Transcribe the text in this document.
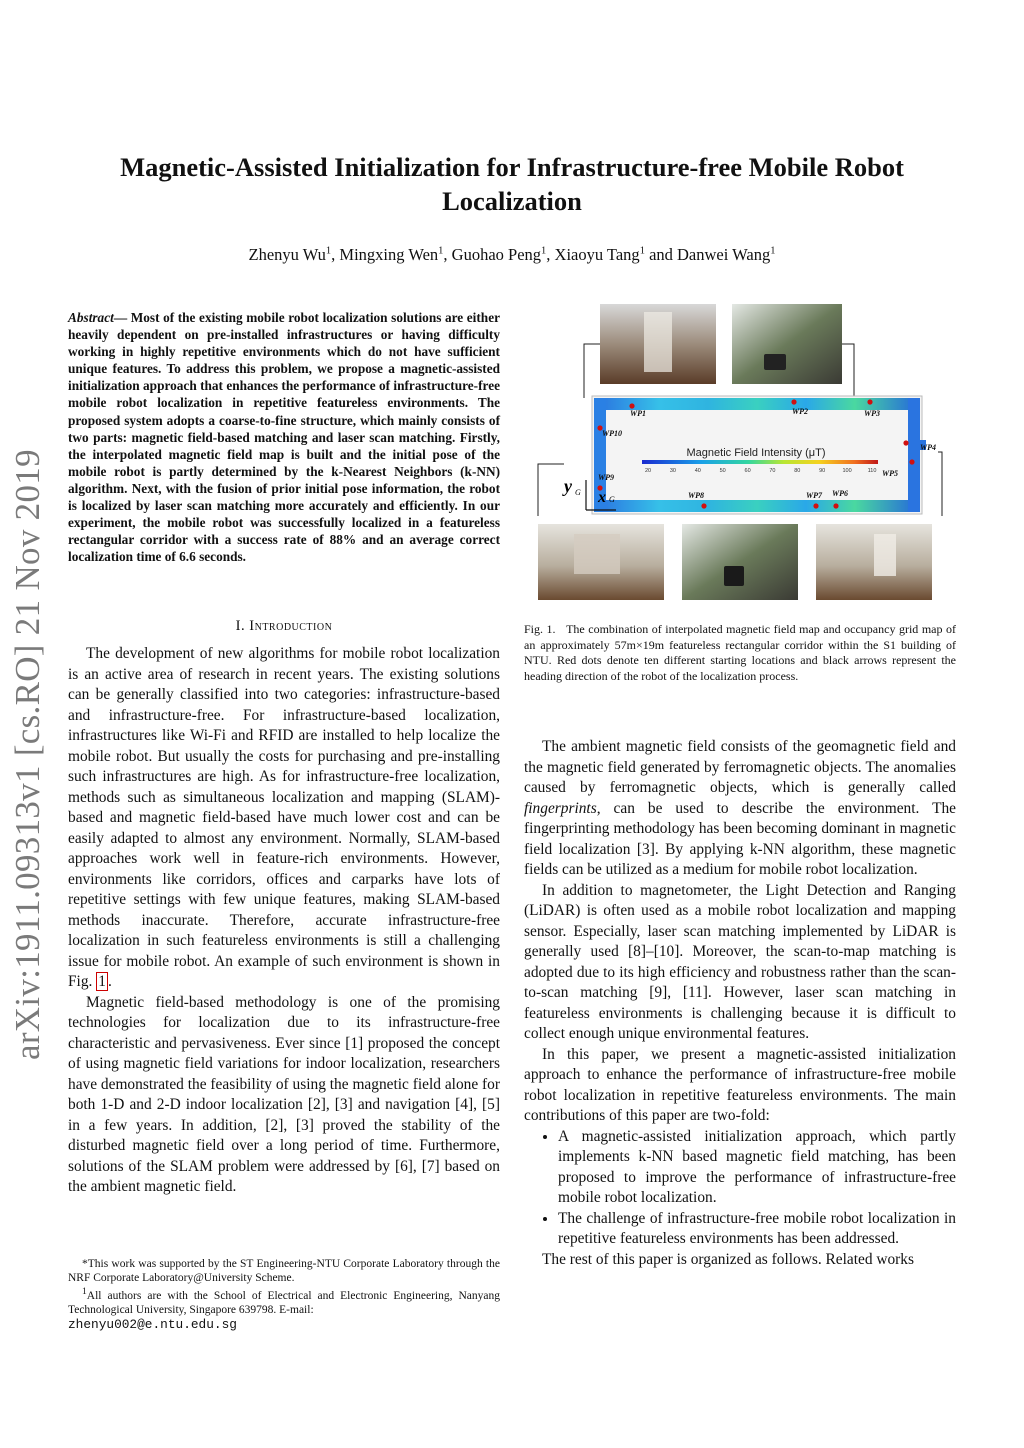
arXiv:1911.09313v1 [cs.RO] 21 Nov 2019
Magnetic-Assisted Initialization for Infrastructure-free Mobile Robot
Localization
Zhenyu Wu$^1$, Mingxing Wen$^1$, Guohao Peng$^1$, Xiaoyu Tang$^1$ and Danwei Wang$^1$
Abstract— Most of the existing mobile robot localization solutions are either heavily dependent on pre-installed infrastructures or having difficulty working in highly repetitive environments which do not have sufficient unique features. To address this problem, we propose a magnetic-assisted initialization approach that enhances the performance of infrastructure-free mobile robot localization in repetitive featureless environments. The proposed system adopts a coarse-to-fine structure, which mainly consists of two parts: magnetic field-based matching and laser scan matching. Firstly, the interpolated magnetic field map is built and the initial pose of the mobile robot is partly determined by the k-Nearest Neighbors (k-NN) algorithm. Next, with the fusion of prior initial pose information, the robot is localized by laser scan matching more accurately and efficiently. In our experiment, the mobile robot was successfully localized in a featureless rectangular corridor with a success rate of 88% and an average correct localization time of 6.6 seconds.
I. Introduction

The development of new algorithms for mobile robot localization is an active area of research in recent years. The existing solutions can be generally classified into two categories: infrastructure-based and infrastructure-free. For infrastructure-based localization, infrastructures like Wi-Fi and RFID are installed to help localize the mobile robot. But usually the costs for purchasing and pre-installing such infrastructures are high. As for infrastructure-free localization, methods such as simultaneous localization and mapping (SLAM)-based and magnetic field-based have much lower cost and can be easily adapted to almost any environment. Normally, SLAM-based approaches work well in feature-rich environments. However, environments like corridors, offices and carparks have lots of repetitive settings with few unique features, making SLAM-based methods inaccurate. Therefore, accurate infrastructure-free localization in such featureless environments is still a challenging issue for mobile robot. An example of such environment is shown in Fig. 1 .

Magnetic field-based methodology is one of the promising technologies for localization due to its infrastructure-free characteristic and pervasiveness. Ever since [1] proposed the concept of using magnetic field variations for indoor localization, researchers have demonstrated the feasibility of using the magnetic field alone for both 1-D and 2-D indoor localization [2], [3] and navigation [4], [5] in a few years. In addition, [2], [3] proved the stability of the disturbed magnetic field over a long period of time. Furthermore, solutions of the SLAM problem were addressed by [6], [7] based on the ambient magnetic field.

*This work was supported by the ST Engineering-NTU Corporate Laboratory through the NRF Corporate Laboratory@University Scheme.

$^1$All authors are with the School of Electrical and Electronic Engineering, Nanyang Technological University, Singapore 639798. E-mail:
zhenyu002@e.ntu.edu.sg

Magnetic Field Intensity (μT)
20	30	40	50	60	70	80	90	100	110
WP1	WP2	WP3
WP4
WP5
WP6
WP7
WP8
WP9
WP10
y G x G
Fig. 1. The combination of interpolated magnetic field map and occupancy grid map of an approximately 57m×19m featureless rectangular corridor within the S1 building of NTU. Red dots denote ten different starting locations and black arrows represent the heading direction of the robot of the localization process.

The ambient magnetic field consists of the geomagnetic field and the magnetic field generated by ferromagnetic objects. The anomalies caused by ferromagnetic objects, which is generally called fingerprints, can be used to describe the environment. The fingerprinting methodology has been becoming dominant in magnetic field localization [3]. By applying k-NN algorithm, these magnetic fields can be utilized as a medium for mobile robot localization.

In addition to magnetometer, the Light Detection and Ranging (LiDAR) is often used as a mobile robot localization and mapping sensor. Especially, laser scan matching implemented by LiDAR is generally used [8]–[10]. Moreover, the scan-to-map matching is adopted due to its high efficiency and robustness rather than the scan-to-scan matching [9], [11]. However, laser scan matching in featureless environments is challenging because it is difficult to collect enough unique environmental features.

In this paper, we present a magnetic-assisted initialization approach to enhance the performance of infrastructure-free mobile robot localization in repetitive featureless environments. The main contributions of this paper are two-fold:

• A magnetic-assisted initialization approach, which partly implements k-NN based magnetic field matching, has been proposed to improve the performance of infrastructure-free mobile robot localization.
• The challenge of infrastructure-free mobile robot localization in repetitive featureless environments has been addressed.

The rest of this paper is organized as follows. Related works
